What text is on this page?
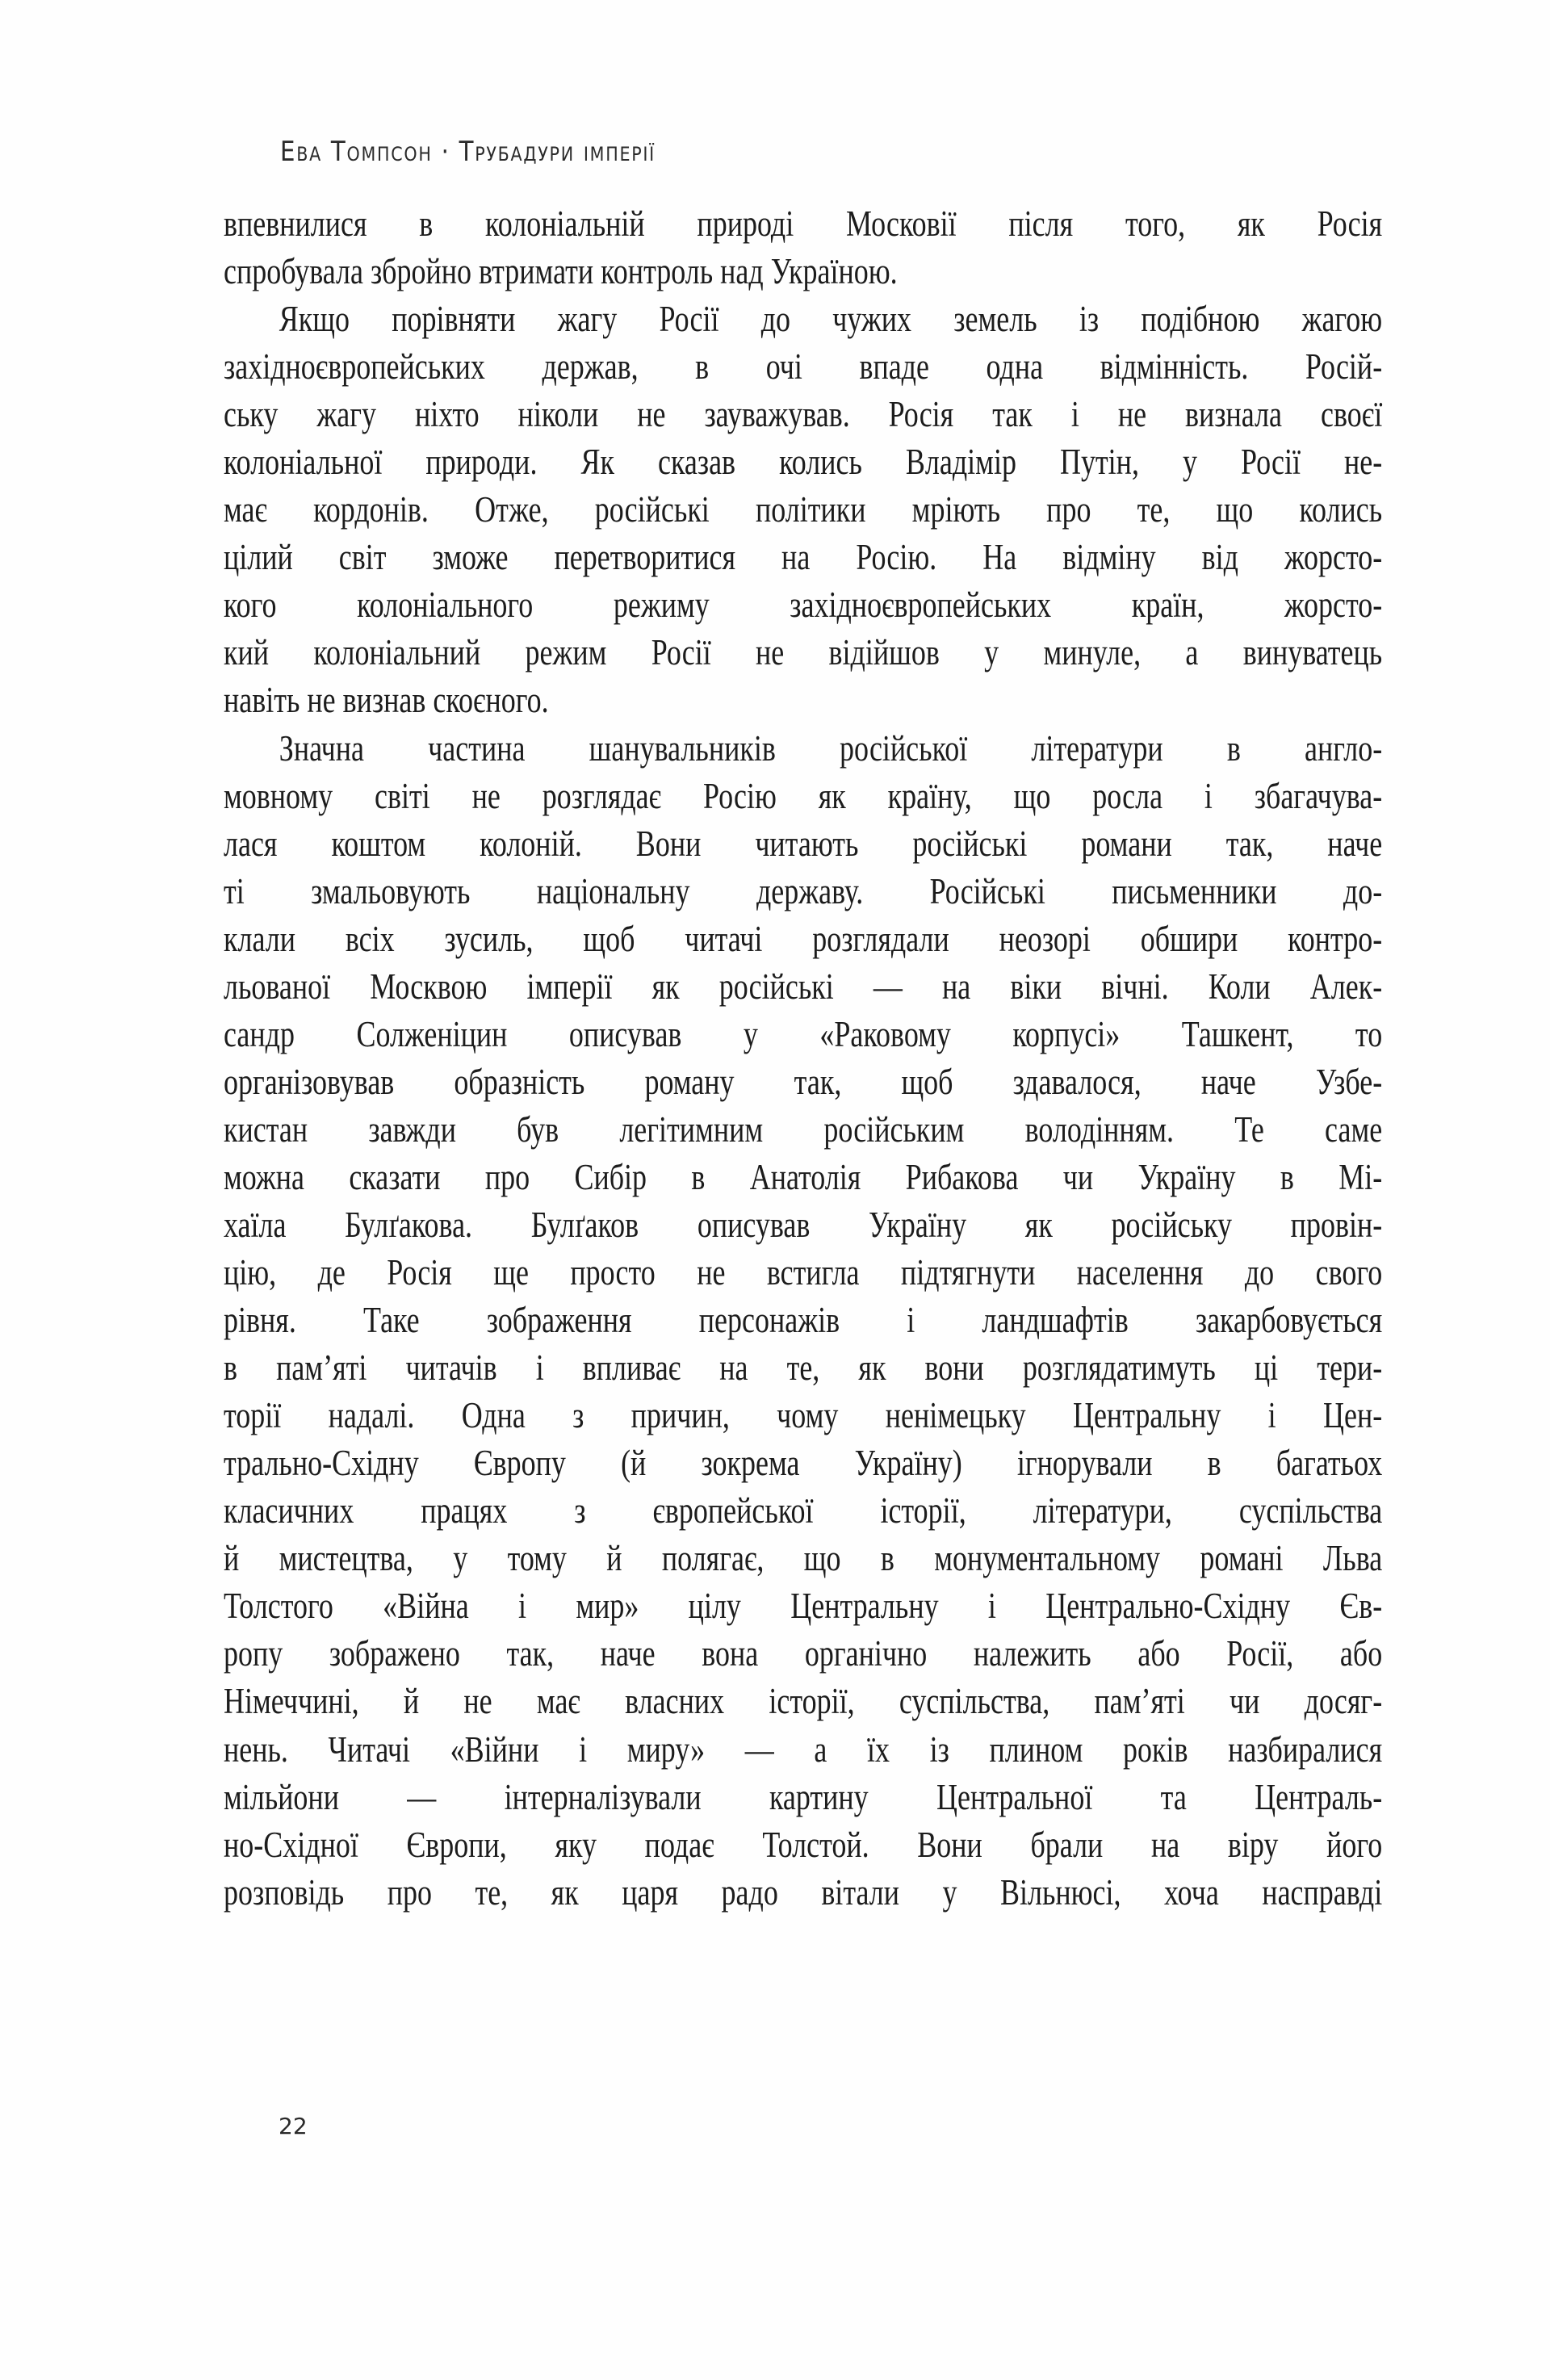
Ева Томпсон · Трубадури імперії
впевнилися в колоніальній природі Московії після того, як Росія
спробувала збройно втримати контроль над Україною.
Якщо порівняти жагу Росії до чужих земель із подібною жагою
західноєвропейських держав, в очі впаде одна відмінність. Росій-
ську жагу ніхто ніколи не зауважував. Росія так і не визнала своєї
колоніальної природи. Як сказав колись Владімір Путін, у Росії не-
має кордонів. Отже, російські політики мріють про те, що колись
цілий світ зможе перетворитися на Росію. На відміну від жорсто-
кого колоніального режиму західноєвропейських країн, жорсто-
кий колоніальний режим Росії не відійшов у минуле, а винуватець
навіть не визнав скоєного.
Значна частина шанувальників російської літератури в англо-
мовному світі не розглядає Росію як країну, що росла і збагачува-
лася коштом колоній. Вони читають російські романи так, наче
ті змальовують національну державу. Російські письменники до-
клали всіх зусиль, щоб читачі розглядали неозорі обшири контро-
льованої Москвою імперії як російські — на віки вічні. Коли Алек-
сандр Солженіцин описував у «Раковому корпусі» Ташкент, то
організовував образність роману так, щоб здавалося, наче Узбе-
кистан завжди був легітимним російським володінням. Те саме
можна сказати про Сибір в Анатолія Рибакова чи Україну в Мі-
хаїла Булґакова. Булґаков описував Україну як російську провін-
цію, де Росія ще просто не встигла підтягнути населення до свого
рівня. Таке зображення персонажів і ландшафтів закарбовується
в пам’яті читачів і впливає на те, як вони розглядатимуть ці тери-
торії надалі. Одна з причин, чому ненімецьку Центральну і Цен-
трально-Східну Європу (й зокрема Україну) ігнорували в багатьох
класичних працях з європейської історії, літератури, суспільства
й мистецтва, у тому й полягає, що в монументальному романі Льва
Толстого «Війна і мир» цілу Центральну і Центрально-Східну Єв-
ропу зображено так, наче вона органічно належить або Росії, або
Німеччині, й не має власних історії, суспільства, пам’яті чи досяг-
нень. Читачі «Війни і миру» — а їх із плином років назбиралися
мільйони — інтерналізували картину Центральної та Централь-
но-Східної Європи, яку подає Толстой. Вони брали на віру його
розповідь про те, як царя радо вітали у Вільнюсі, хоча насправді
22
